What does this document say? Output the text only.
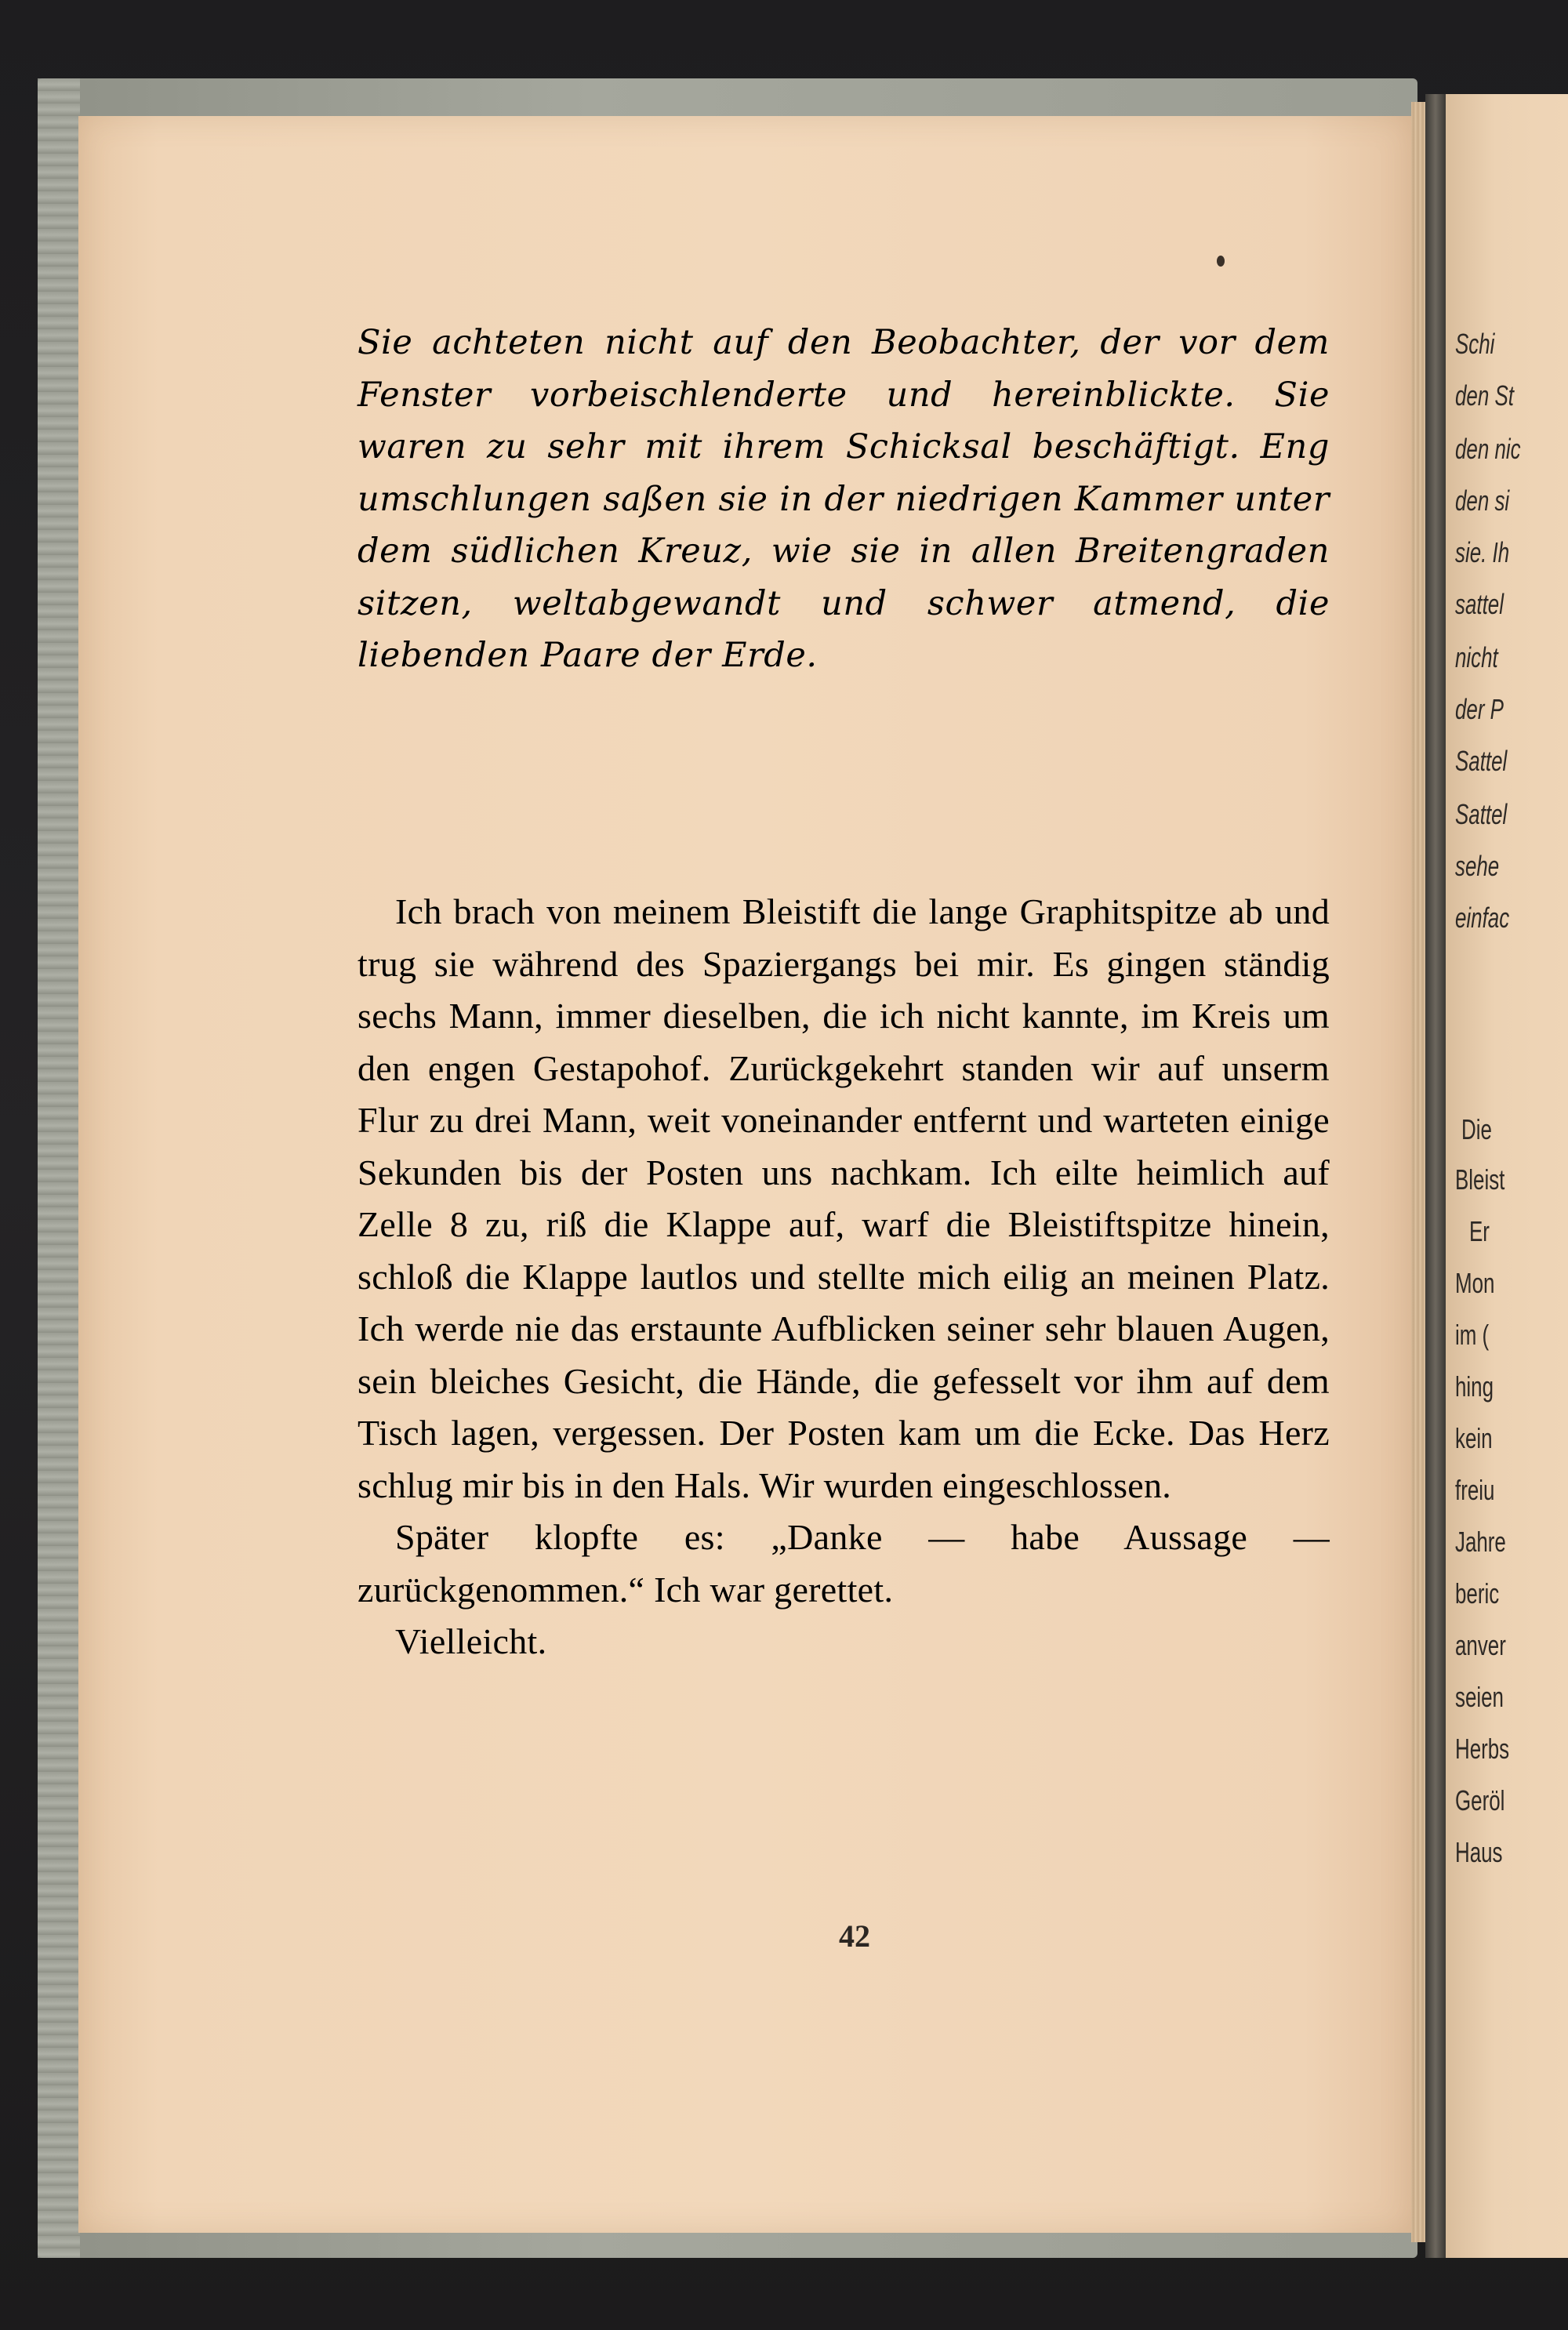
Sie achteten nicht auf den Beobachter, der vor dem Fenster vorbeischlenderte und hereinblickte. Sie waren zu sehr mit ihrem Schicksal beschäftigt. Eng umschlungen saßen sie in der niedrigen Kammer unter dem südlichen Kreuz, wie sie in allen Breitengraden sitzen, weltabgewandt und schwer atmend, die liebenden Paare der Erde.

Ich brach von meinem Bleistift die lange Graphitspitze ab und trug sie während des Spaziergangs bei mir. Es gingen ständig sechs Mann, immer dieselben, die ich nicht kannte, im Kreis um den engen Gestapohof. Zurückgekehrt standen wir auf unserm Flur zu drei Mann, weit voneinander entfernt und warteten einige Sekunden bis der Posten uns nachkam. Ich eilte heimlich auf Zelle 8 zu, riß die Klappe auf, warf die Bleistiftspitze hinein, schloß die Klappe lautlos und stellte mich eilig an meinen Platz. Ich werde nie das erstaunte Aufblicken seiner sehr blauen Augen, sein bleiches Gesicht, die Hände, die gefesselt vor ihm auf dem Tisch lagen, vergessen. Der Posten kam um die Ecke. Das Herz schlug mir bis in den Hals. Wir wurden eingeschlossen.

Später klopfte es: „Danke — habe Aussage — zurückgenommen.“ Ich war gerettet.

Vielleicht.

42
Schi
den St
den nic
den si
sie. Ih
sattel
nicht
der P
Sattel
Sattel
sehe
einfac
Die
Bleist
Er
Mon
im (
hing
kein
freiu
Jahre
beric
anver
seien
Herbs
Geröl
Haus
